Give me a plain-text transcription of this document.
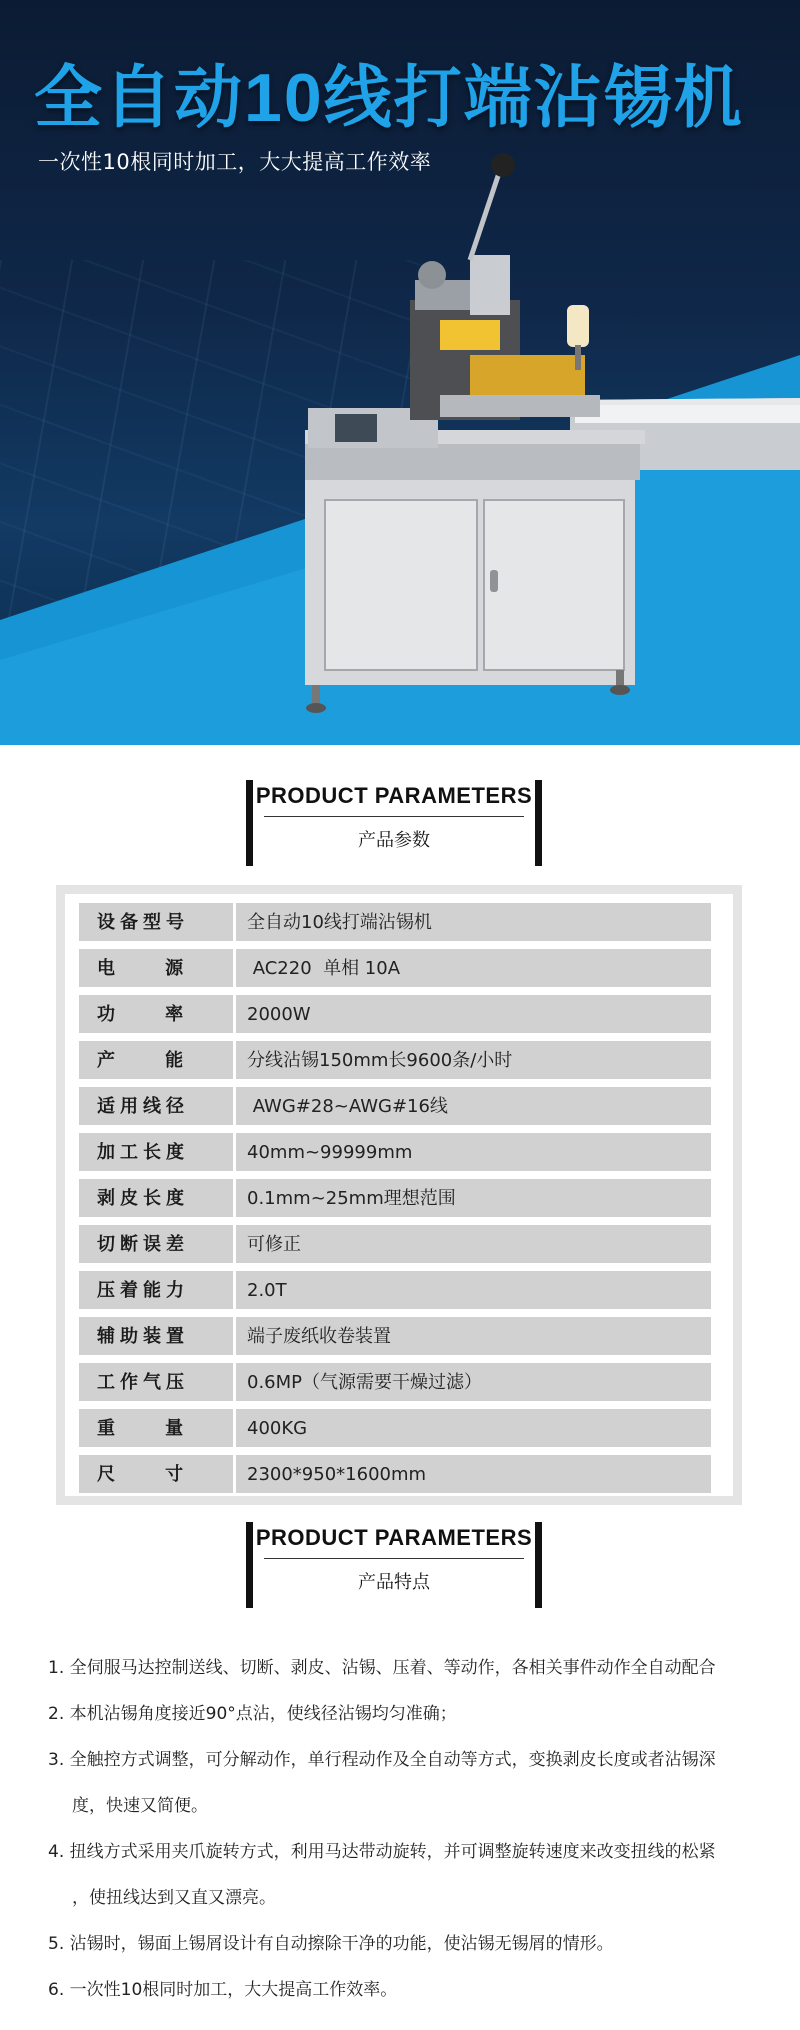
全自动10线打端沾锡机
一次性10根同时加工，大大提高工作效率
PRODUCT PARAMETERS
产品参数
设备型号	全自动10线打端沾锡机
电    源	AC220  单相 10A
功    率	2000W
产    能	分线沾锡150mm长9600条/小时
适用线径	AWG#28~AWG#16线
加工长度	40mm~99999mm
剥皮长度	0.1mm~25mm理想范围
切断误差	可修正
压着能力	2.0T
辅助装置	端子废纸收卷装置
工作气压	0.6MP（气源需要干燥过滤）
重    量	400KG
尺    寸	2300*950*1600mm
PRODUCT PARAMETERS
产品特点
1. 全伺服马达控制送线、切断、剥皮、沾锡、压着、等动作，各相关事件动作全自动配合
2. 本机沾锡角度接近90°点沾，使线径沾锡均匀准确；
3. 全触控方式调整，可分解动作，单行程动作及全自动等方式，变换剥皮长度或者沾锡深
度，快速又简便。
4. 扭线方式采用夹爪旋转方式，利用马达带动旋转，并可调整旋转速度来改变扭线的松紧
，使扭线达到又直又漂亮。
5. 沾锡时，锡面上锡屑设计有自动擦除干净的功能，使沾锡无锡屑的情形。
6. 一次性10根同时加工，大大提高工作效率。
